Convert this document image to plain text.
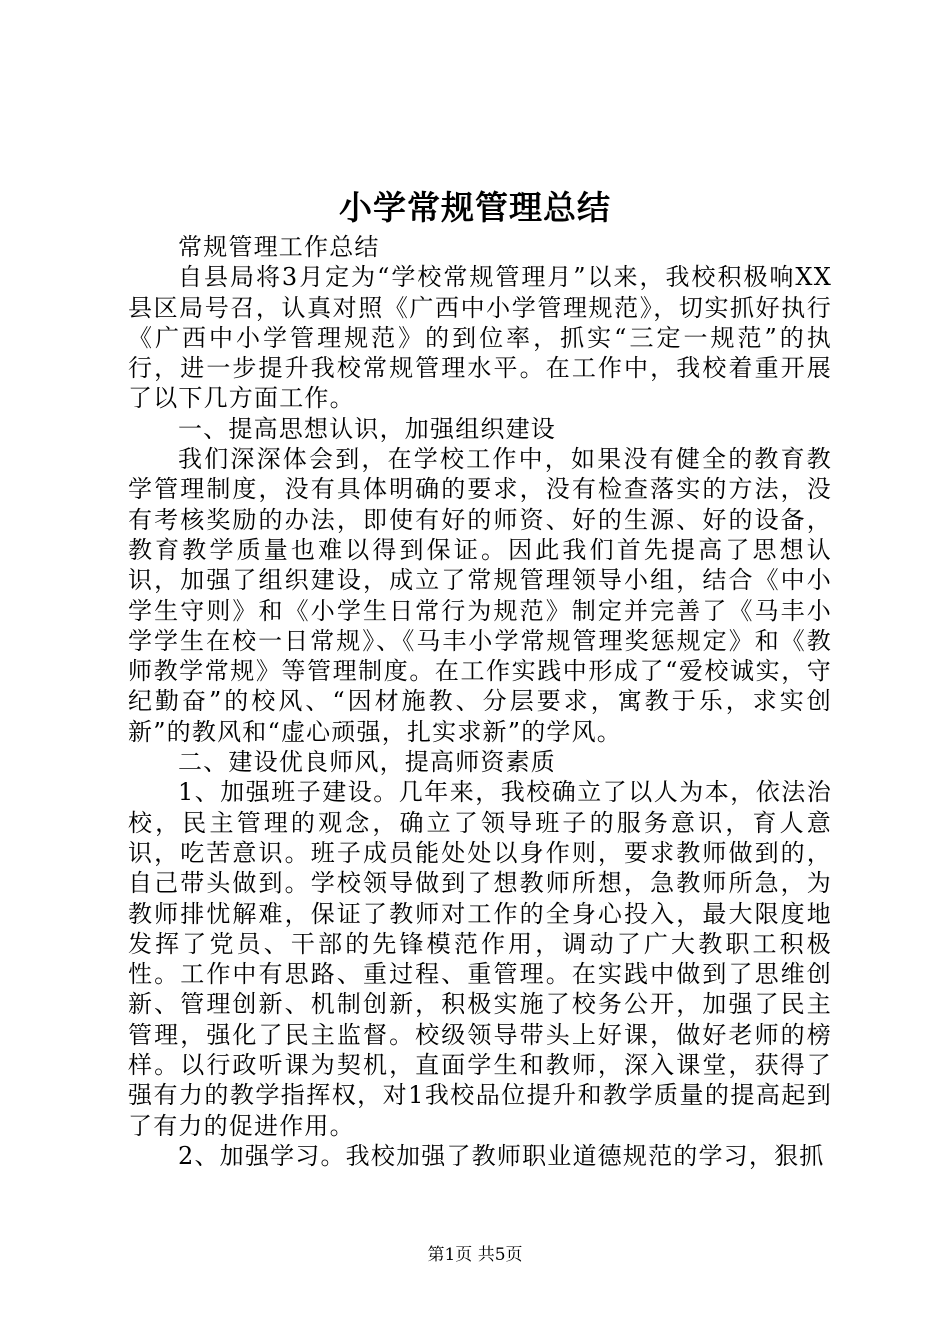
小学常规管理总结

常规管理工作总结

自县局将3月定为“学校常规管理月”以来，我校积极响XX县区局号召，认真对照《广西中小学管理规范》，切实抓好执行《广西中小学管理规范》的到位率，抓实“三定一规范”的执行，进一步提升我校常规管理水平。在工作中，我校着重开展了以下几方面工作。

一、提高思想认识，加强组织建设

我们深深体会到，在学校工作中，如果没有健全的教育教学管理制度，没有具体明确的要求，没有检查落实的方法，没有考核奖励的办法，即使有好的师资、好的生源、好的设备，教育教学质量也难以得到保证。因此我们首先提高了思想认识，加强了组织建设，成立了常规管理领导小组，结合《中小学生守则》和《小学生日常行为规范》制定并完善了《马丰小学学生在校一日常规》、《马丰小学常规管理奖惩规定》和《教师教学常规》等管理制度。在工作实践中形成了“爱校诚实，守纪勤奋”的校风、“因材施教、分层要求，寓教于乐，求实创新”的教风和“虚心顽强，扎实求新”的学风。

二、建设优良师风，提高师资素质

1、加强班子建设。几年来，我校确立了以人为本，依法治校，民主管理的观念，确立了领导班子的服务意识，育人意识，吃苦意识。班子成员能处处以身作则，要求教师做到的，自己带头做到。学校领导做到了想教师所想，急教师所急，为教师排忧解难，保证了教师对工作的全身心投入，最大限度地发挥了党员、干部的先锋模范作用，调动了广大教职工积极性。工作中有思路、重过程、重管理。在实践中做到了思维创新、管理创新、机制创新，积极实施了校务公开，加强了民主管理，强化了民主监督。校级领导带头上好课，做好老师的榜样。以行政听课为契机，直面学生和教师，深入课堂，获得了强有力的教学指挥权，对1我校品位提升和教学质量的提高起到了有力的促进作用。

2、加强学习。我校加强了教师职业道德规范的学习，狠抓

第1页 共5页
